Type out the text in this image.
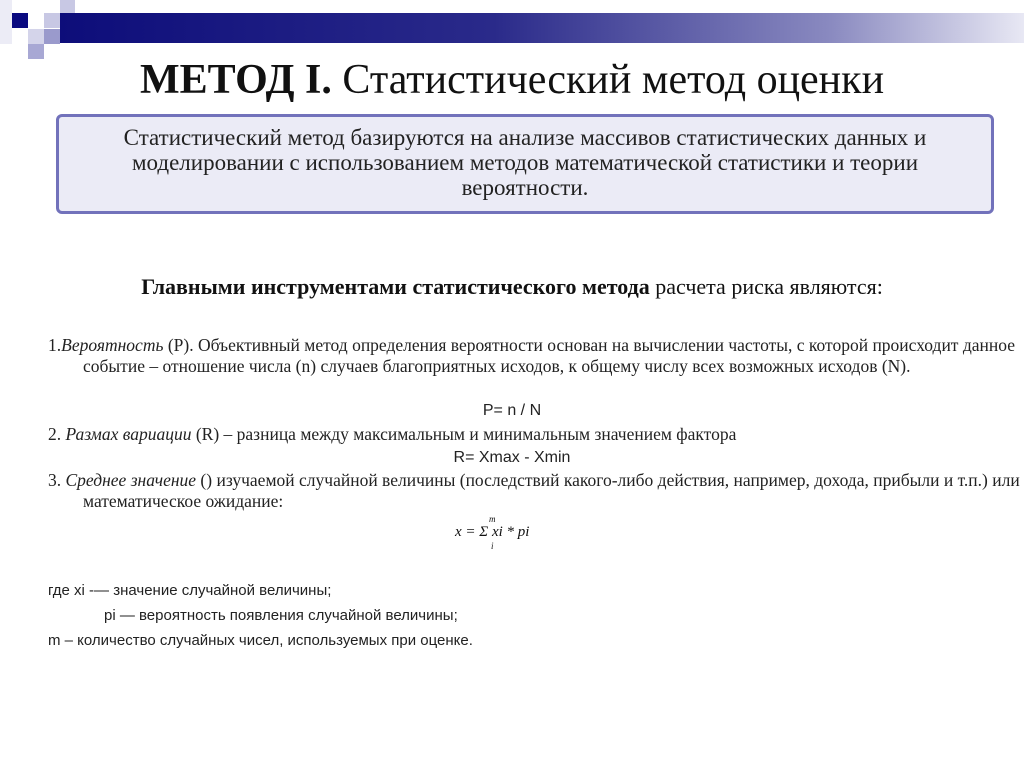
МЕТОД I. Статистический метод оценки
Статистический метод базируются на анализе массивов статистических данных и моделировании с использованием методов математической статистики и теории вероятности.
Главными инструментами статистического метода расчета риска являются:
1.Вероятность (Р). Объективный метод определения вероятности основан на вычислении частоты, с которой происходит данное событие – отношение числа (n) случаев благоприятных исходов, к общему числу всех возможных исходов (N).
P= n / N
2. Размах вариации (R) – разница между максимальным и минимальным значением фактора
R= Xmax - Xmin
3. Среднее значение () изучаемой случайной величины (последствий какого-либо действия, например, дохода, прибыли и т.п.) или математическое ожидание:
x = Σ xi * pi
m
i
где xi -— значение случайной величины;
pi — вероятность появления случайной величины;
m – количество случайных чисел, используемых при оценке.
